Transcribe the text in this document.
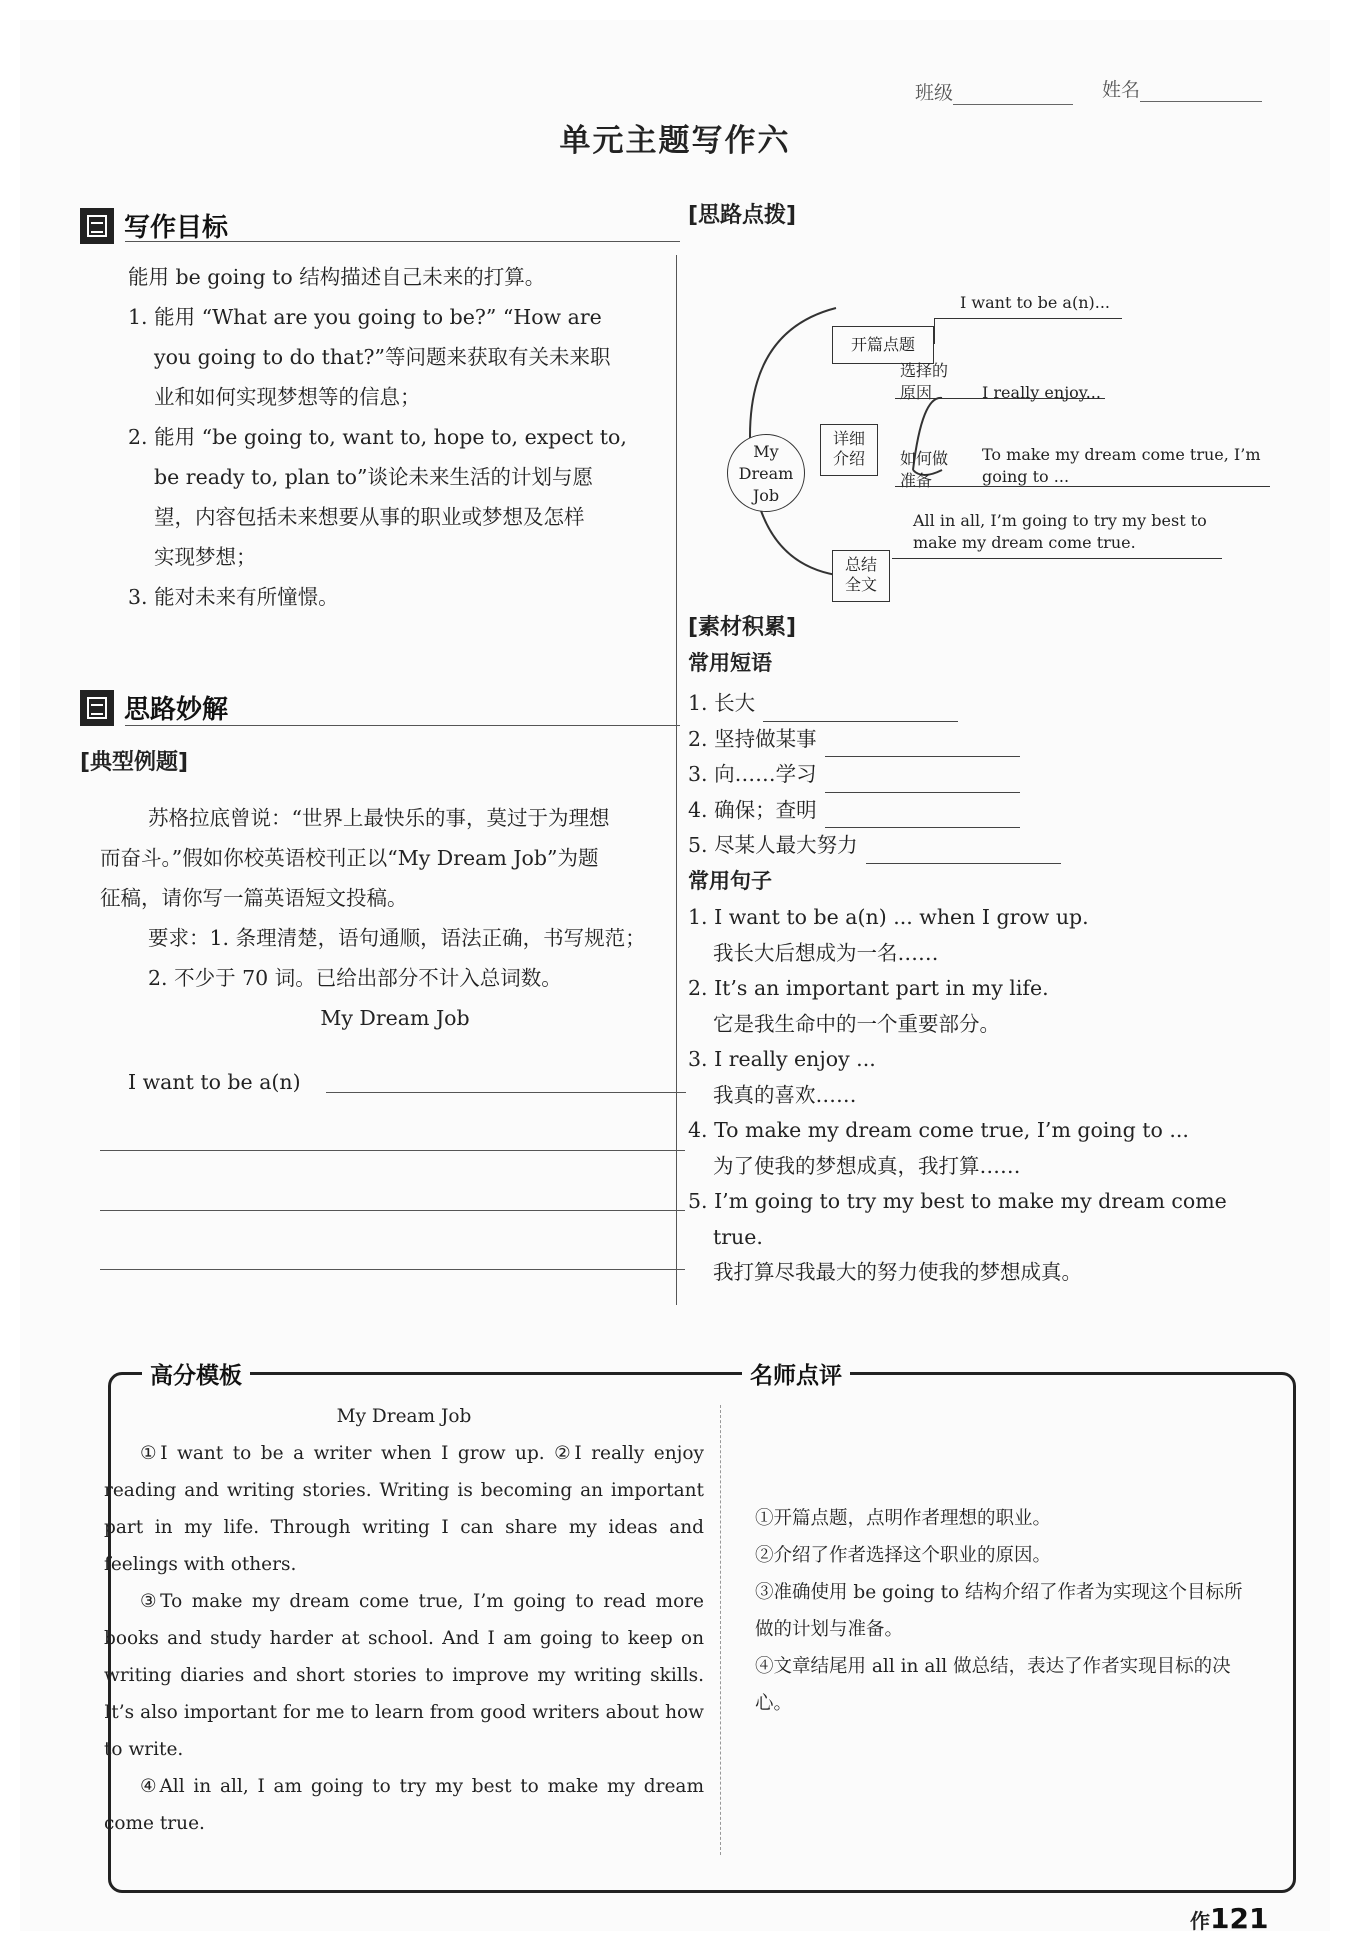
班级	姓名
单元主题写作六
写作目标
能用 be going to 结构描述自己未来的打算。
1. 能用 “What are you going to be?” “How are
you going to do that?”等问题来获取有关未来职
业和如何实现梦想等的信息；
2. 能用 “be going to, want to, hope to, expect to,
be ready to, plan to”谈论未来生活的计划与愿
望，内容包括未来想要从事的职业或梦想及怎样
实现梦想；
3. 能对未来有所憧憬。
思路妙解
[典型例题]
苏格拉底曾说：“世界上最快乐的事，莫过于为理想
而奋斗。”假如你校英语校刊正以“My Dream Job”为题
征稿，请你写一篇英语短文投稿。
要求：1. 条理清楚，语句通顺，语法正确，书写规范；
2. 不少于 70 词。已给出部分不计入总词数。
My Dream Job
I want to be a(n)
[思路点拨]
My
Dream
Job
开篇点题
I want to be a(n)...
详细
介绍
选择的
原因	I really enjoy...
如何做
准备
To make my dream come true, I’m
going to ...
总结
全文
All in all, I’m going to try my best to
make my dream come true.
[素材积累]
常用短语
1. 长大
2. 坚持做某事
3. 向……学习
4. 确保；查明
5. 尽某人最大努力
常用句子
1. I want to be a(n) ... when I grow up.
我长大后想成为一名……
2. It’s an important part in my life.
它是我生命中的一个重要部分。
3. I really enjoy ...
我真的喜欢……
4. To make my dream come true, I’m going to ...
为了使我的梦想成真，我打算……
5. I’m going to try my best to make my dream come
true.
我打算尽我最大的努力使我的梦想成真。
高分模板	名师点评
My Dream Job
①I want to be a writer when I grow up. ②I really enjoy reading and writing stories. Writing is becoming an important part in my life. Through writing I can share my ideas and feelings with others.
③To make my dream come true, I’m going to read more books and study harder at school. And I am going to keep on writing diaries and short stories to improve my writing skills. It’s also important for me to learn from good writers about how to write.
④All in all, I am going to try my best to make my dream come true.
①开篇点题，点明作者理想的职业。
②介绍了作者选择这个职业的原因。
③准确使用 be going to 结构介绍了作者为实现这个目标所做的计划与准备。
④文章结尾用 all in all 做总结，表达了作者实现目标的决心。
作121
